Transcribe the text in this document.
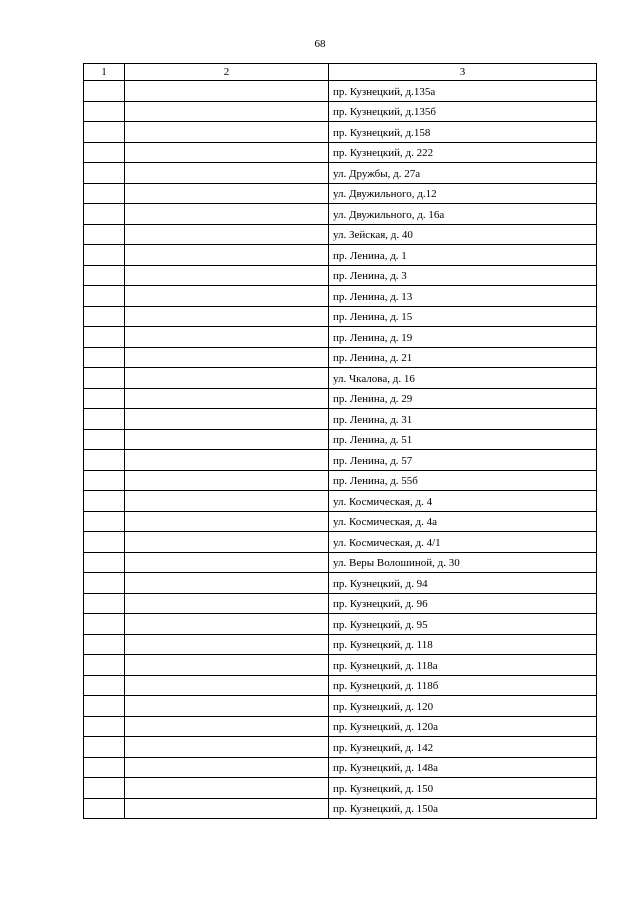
68
1	2	3
		пр. Кузнецкий, д.135а
		пр. Кузнецкий, д.135б
		пр. Кузнецкий, д.158
		пр. Кузнецкий, д. 222
		ул. Дружбы, д. 27а
		ул. Двужильного, д.12
		ул. Двужильного, д. 16а
		ул. Зейская, д. 40
		пр. Ленина, д. 1
		пр. Ленина, д. 3
		пр. Ленина, д. 13
		пр. Ленина, д. 15
		пр. Ленина, д. 19
		пр. Ленина, д. 21
		ул. Чкалова, д. 16
		пр. Ленина, д. 29
		пр. Ленина, д. 31
		пр. Ленина, д. 51
		пр. Ленина, д. 57
		пр. Ленина, д. 55б
		ул. Космическая, д. 4
		ул. Космическая, д. 4а
		ул. Космическая, д. 4/1
		ул. Веры Волошиной, д. 30
		пр. Кузнецкий, д. 94
		пр. Кузнецкий, д. 96
		пр. Кузнецкий, д. 95
		пр. Кузнецкий, д. 118
		пр. Кузнецкий, д. 118а
		пр. Кузнецкий, д. 118б
		пр. Кузнецкий, д. 120
		пр. Кузнецкий, д. 120а
		пр. Кузнецкий, д. 142
		пр. Кузнецкий, д. 148а
		пр. Кузнецкий, д. 150
		пр. Кузнецкий, д. 150а
